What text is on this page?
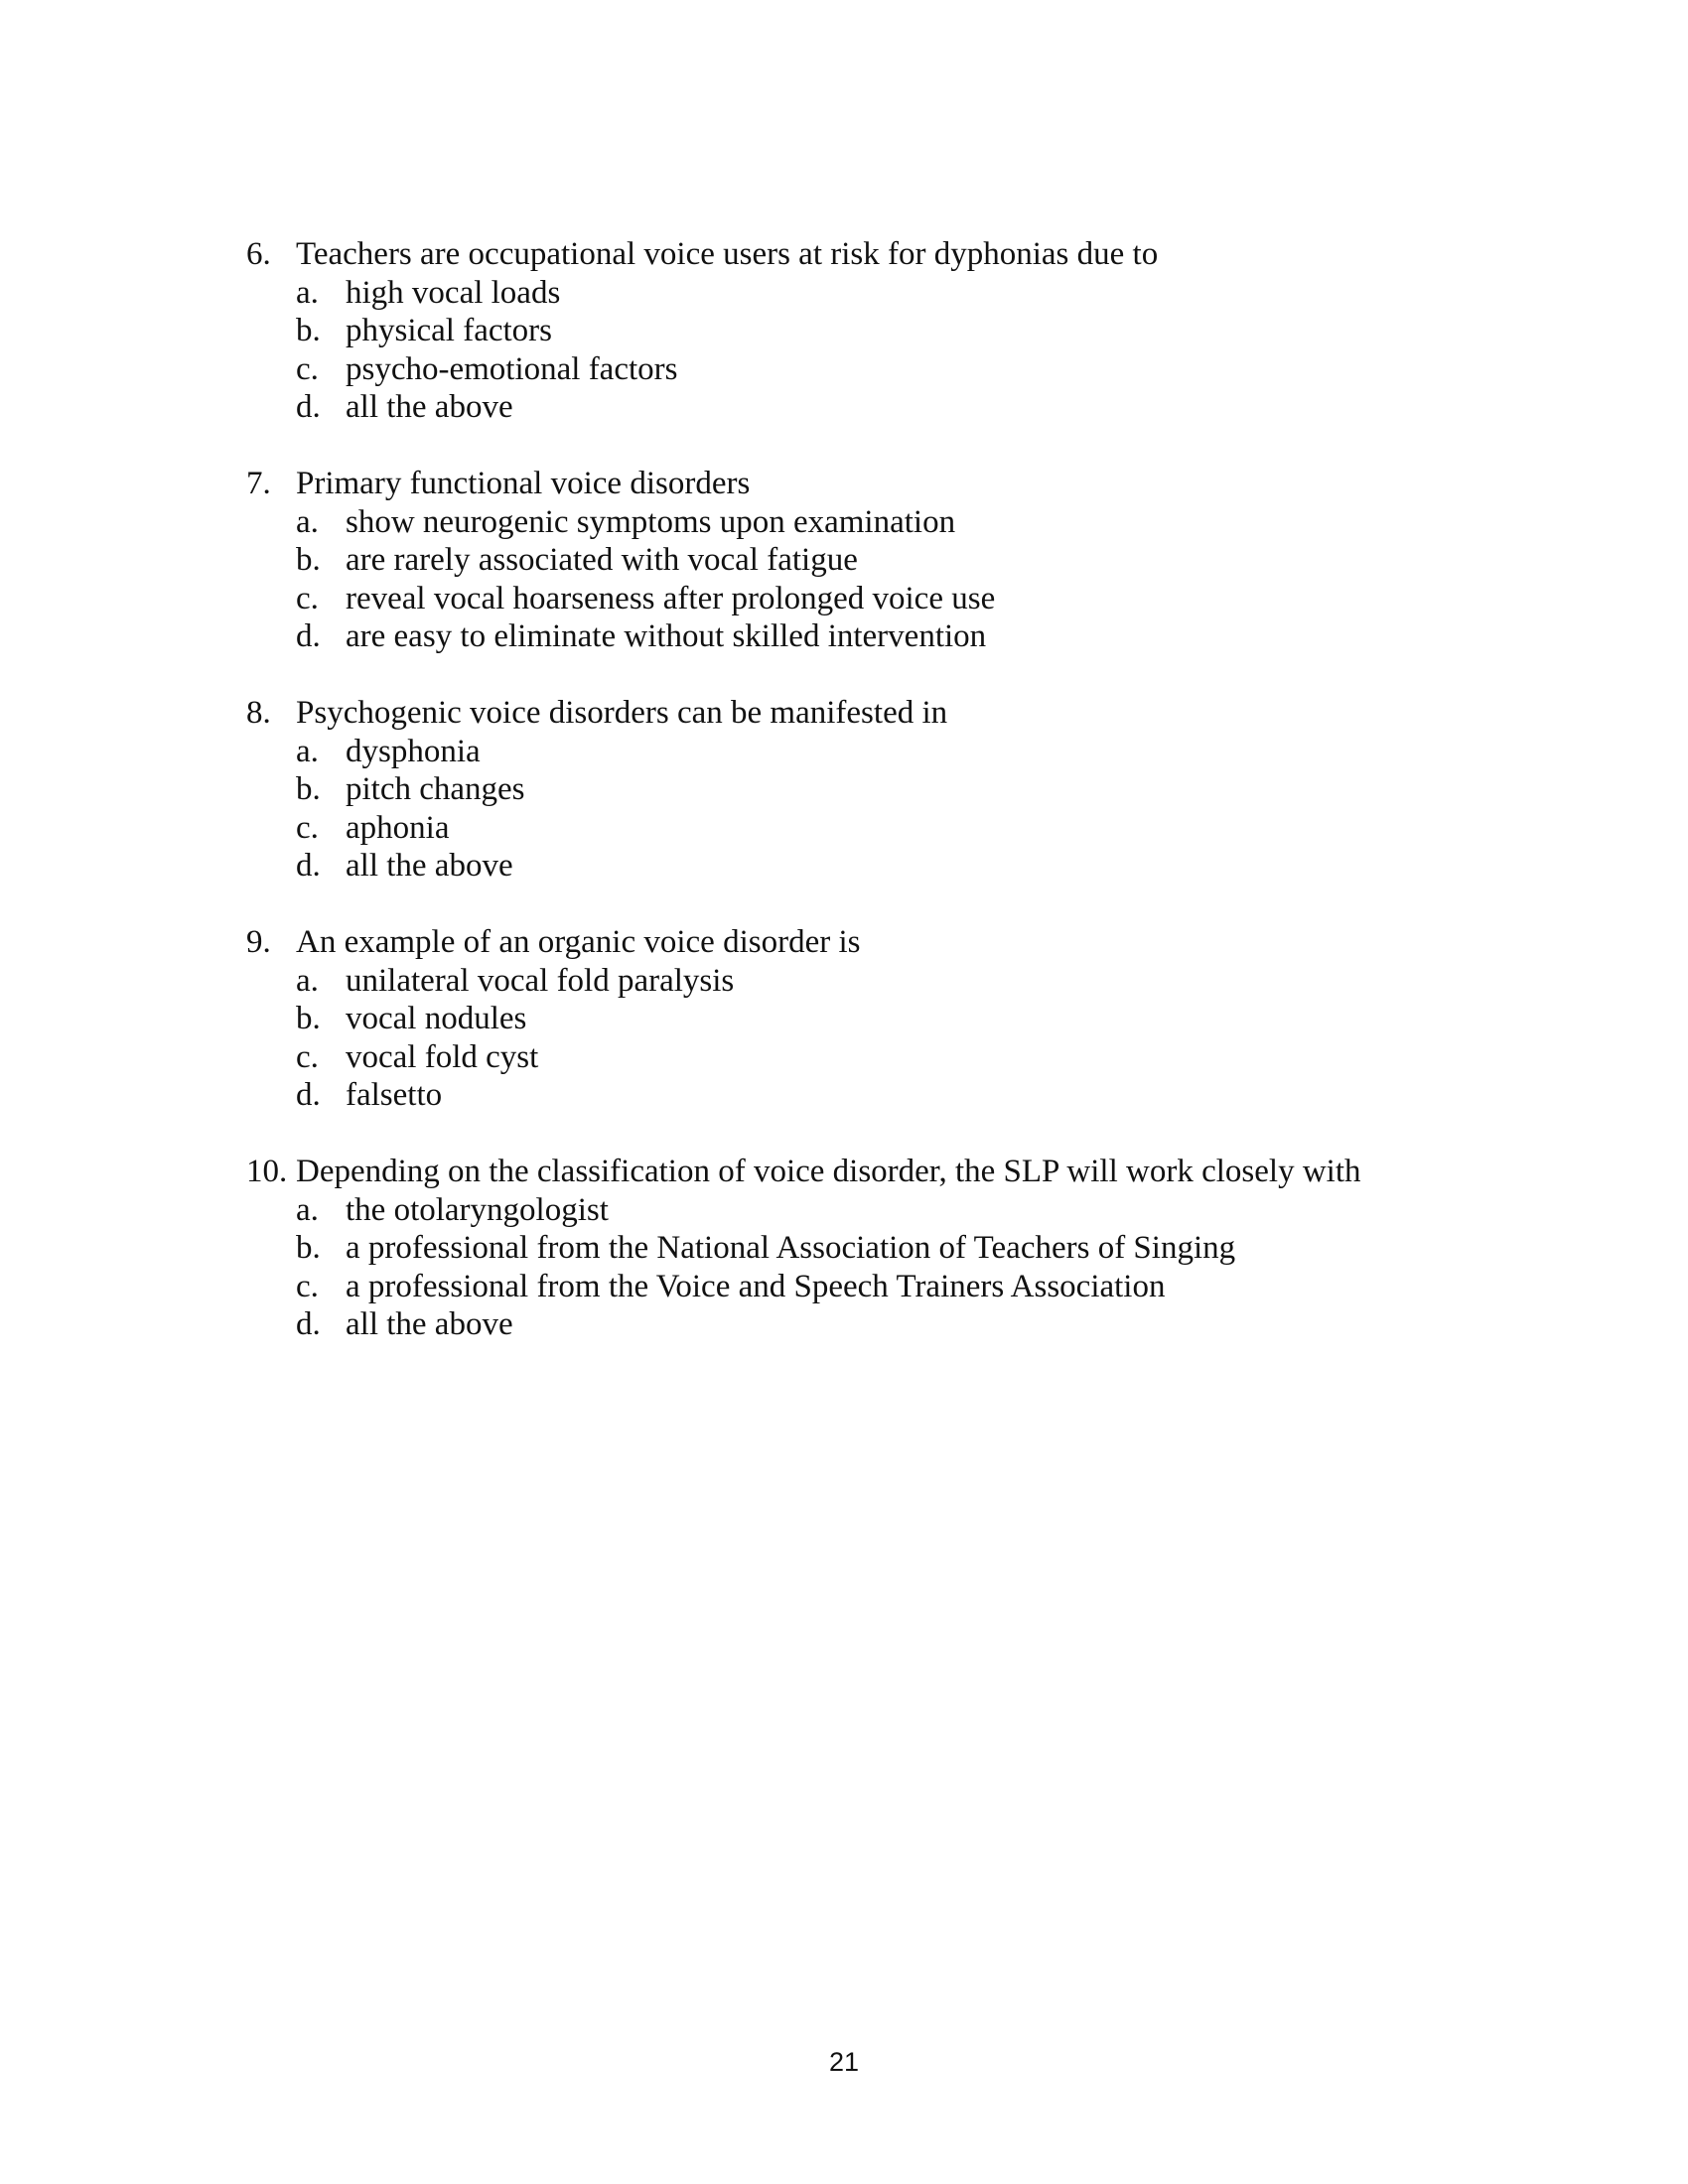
6. Teachers are occupational voice users at risk for dyphonias due to
a. high vocal loads
b. physical factors
c. psycho-emotional factors
d. all the above
7. Primary functional voice disorders
a. show neurogenic symptoms upon examination
b. are rarely associated with vocal fatigue
c. reveal vocal hoarseness after prolonged voice use
d. are easy to eliminate without skilled intervention
8. Psychogenic voice disorders can be manifested in
a. dysphonia
b. pitch changes
c. aphonia
d. all the above
9. An example of an organic voice disorder is
a. unilateral vocal fold paralysis
b. vocal nodules
c. vocal fold cyst
d. falsetto
10. Depending on the classification of voice disorder, the SLP will work closely with
a. the otolaryngologist
b. a professional from the National Association of Teachers of Singing
c. a professional from the Voice and Speech Trainers Association
d. all the above
21
